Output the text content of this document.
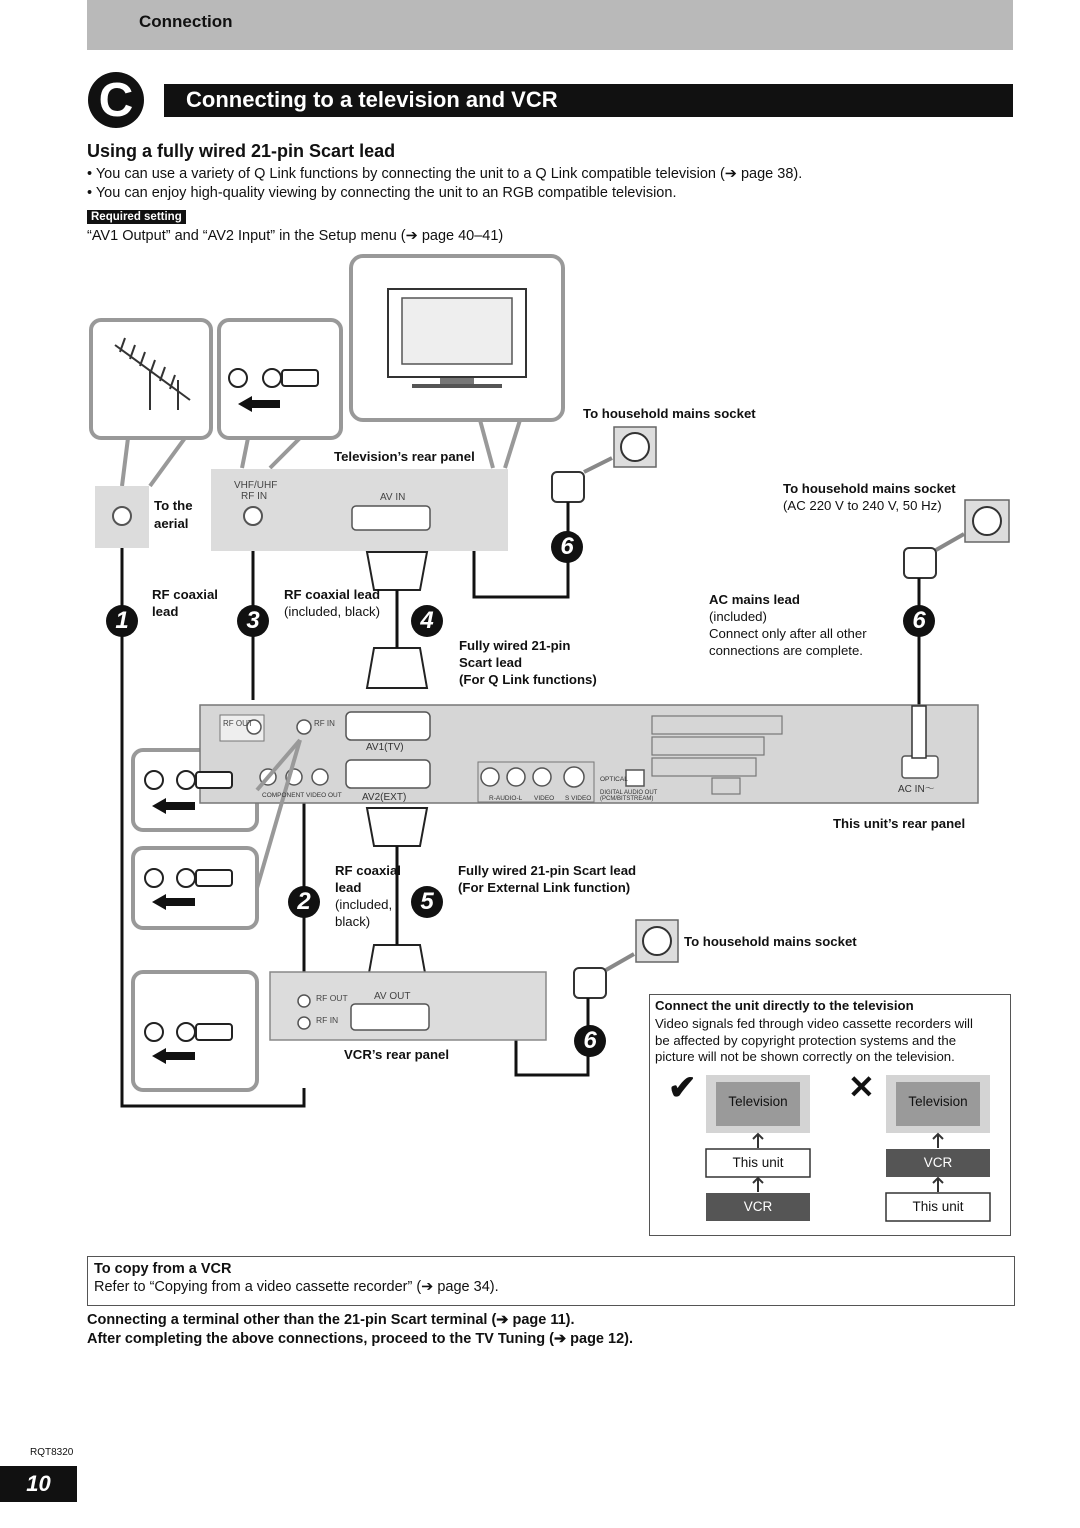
Connection
C	Connecting to a television and VCR
Using a fully wired 21-pin Scart lead
• You can use a variety of Q Link functions by connecting the unit to a Q Link compatible television (➔ page 38).
• You can enjoy high-quality viewing by connecting the unit to an RGB compatible television.
Required setting
“AV1 Output” and “AV2 Input” in the Setup menu (➔ page 40–41)
To household mains socket
Television’s rear panel
To household mains socket
(AC 220 V to 240 V, 50 Hz)
To the
aerial
VHF/UHF
RF IN	AV IN
RF coaxial
lead
RF coaxial lead
(included, black)
Fully wired 21-pin
Scart lead
(For Q Link functions)
AC mains lead
(included)
Connect only after all other
connections are complete.
RF OUT	RF IN
AV1(TV)
AV2(EXT)
COMPONENT VIDEO OUT	R-AUDIO-L VIDEO S VIDEO
OPTICAL
DIGITAL AUDIO OUT
(PCM/BITSTREAM)
AC IN～
This unit’s rear panel
RF coaxial
lead
(included,
black)
Fully wired 21-pin Scart lead
(For External Link function)
To household mains socket
RF OUT
RF IN
AV OUT
VCR’s rear panel
1	3	4
6
6
2	5
6
Connect the unit directly to the television
Video signals fed through video cassette recorders will
be affected by copyright protection systems and the
picture will not be shown correctly on the television.
✔	✕
Television
This unit
VCR
Television
VCR
This unit
To copy from a VCR
Refer to “Copying from a video cassette recorder” (➔ page 34).
Connecting a terminal other than the 21-pin Scart terminal (➔ page 11).
After completing the above connections, proceed to the TV Tuning (➔ page 12).
RQT8320
10
